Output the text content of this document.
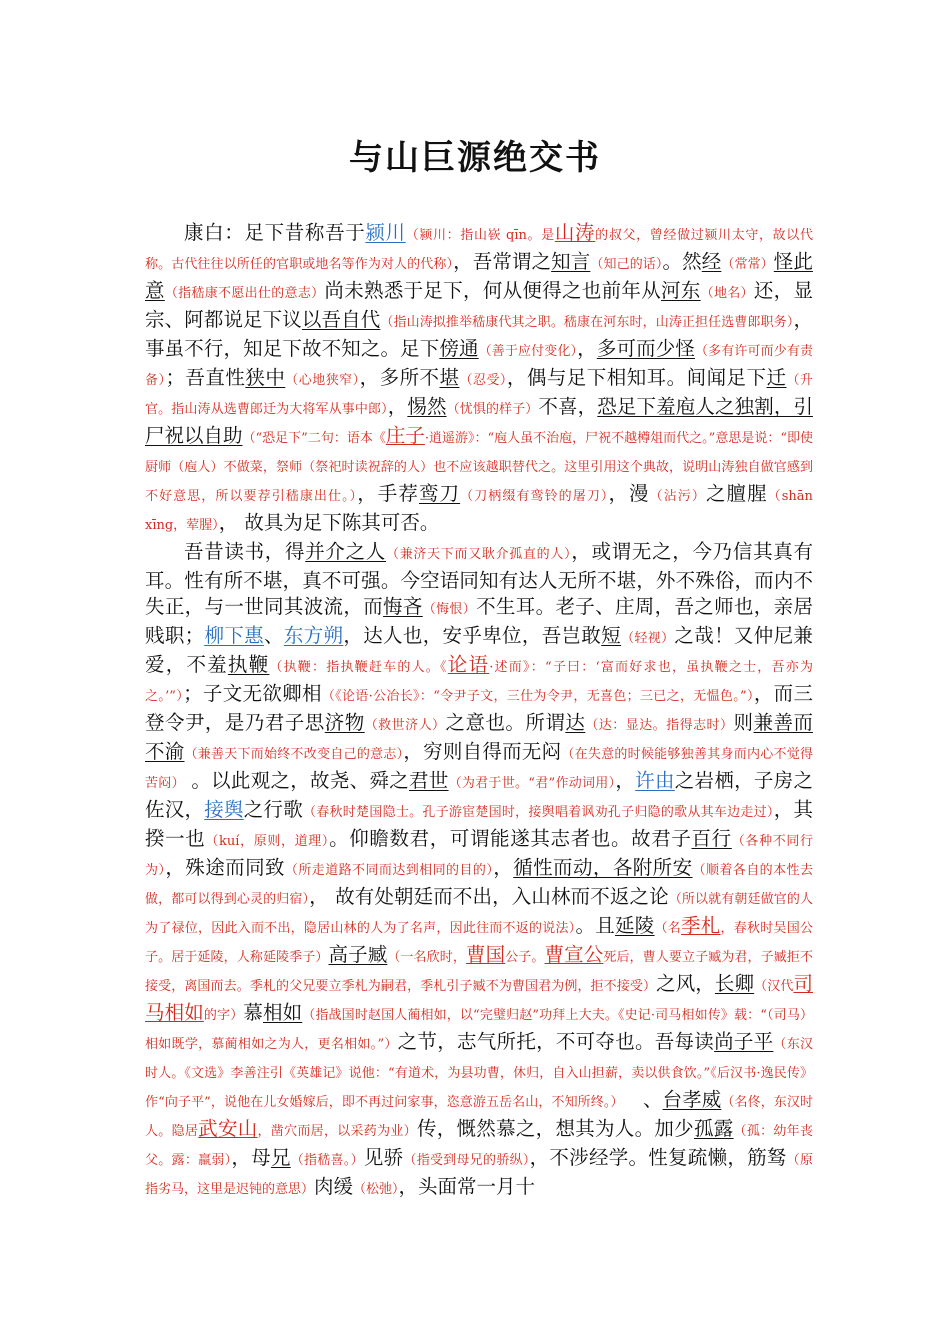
与山巨源绝交书

康白：足下昔称吾于颍川（颍川：指山嵚 qīn。是山涛的叔父，曾经做过颍川太守，故以代称。古代往往以所任的官职或地名等作为对人的代称），吾常谓之知言（知己的话）。然经（常常）怪此意（指嵇康不愿出仕的意志）尚未熟悉于足下，何从便得之也前年从河东（地名）还，显宗、阿都说足下议以吾自代（指山涛拟推举嵇康代其之职。嵇康在河东时，山涛正担任选曹郎职务），事虽不行，知足下故不知之。足下傍通（善于应付变化），多可而少怪（多有许可而少有责备）；吾直性狭中（心地狭窄），多所不堪（忍受），偶与足下相知耳。间闻足下迁（升官。指山涛从选曹郎迁为大将军从事中郎），惕然（忧惧的样子）不喜，恐足下羞庖人之独割，引尸祝以自助（“恐足下”二句：语本《庄子·逍遥游》：“庖人虽不治庖，尸祝不越樽俎而代之。”意思是说：“即使厨师（庖人）不做菜，祭师（祭祀时读祝辞的人）也不应该越职替代之。这里引用这个典故，说明山涛独自做官感到不好意思，所以要荐引嵇康出仕。），手荐鸾刀（刀柄缀有鸾铃的屠刀），漫（沾污）之膻腥（shān xīng，荤腥）， 故具为足下陈其可否。

吾昔读书，得并介之人（兼济天下而又耿介孤直的人），或谓无之，今乃信其真有耳。性有所不堪，真不可强。今空语同知有达人无所不堪，外不殊俗，而内不失正，与一世同其波流，而悔吝（悔恨）不生耳。老子、庄周，吾之师也，亲居贱职；柳下惠、东方朔，达人也，安乎卑位，吾岂敢短（轻视）之哉！又仲尼兼爱，不羞执鞭（执鞭：指执鞭赶车的人。《论语·述而》：“子曰：‘富而好求也，虽执鞭之士，吾亦为之。’”）；子文无欲卿相（《论语·公冶长》：“令尹子文，三仕为令尹，无喜色；三已之，无愠色。”），而三登令尹，是乃君子思济物（救世济人）之意也。所谓达（达：显达。指得志时）则兼善而不渝（兼善天下而始终不改变自己的意志），穷则自得而无闷（在失意的时候能够独善其身而内心不觉得苦闷） 。以此观之，故尧、舜之君世（为君于世。“君”作动词用），许由之岩栖，子房之佐汉，接舆之行歌（春秋时楚国隐士。孔子游宦楚国时，接舆唱着讽劝孔子归隐的歌从其车边走过），其揆一也（kuí，原则，道理）。仰瞻数君，可谓能遂其志者也。故君子百行（各种不同行为），殊途而同致（所走道路不同而达到相同的目的），循性而动，各附所安（顺着各自的本性去做，都可以得到心灵的归宿）， 故有处朝廷而不出，入山林而不返之论（所以就有朝廷做官的人为了禄位，因此入而不出，隐居山林的人为了名声，因此往而不返的说法）。且延陵（名季札，春秋时吴国公子。居于延陵，人称延陵季子）高子臧（一名欣时，曹国公子。曹宣公死后，曹人要立子臧为君，子臧拒不接受，离国而去。季札的父兄要立季札为嗣君，季札引子臧不为曹国君为例，拒不接受）之风，长卿（汉代司马相如的字）慕相如（指战国时赵国人蔺相如，以“完璧归赵”功拜上大夫。《史记·司马相如传》载：“（司马）相如既学，慕蔺相如之为人，更名相如。”）之节，志气所托，不可夺也。吾每读尚子平（东汉时人。《文选》李善注引《英雄记》说他：“有道术，为县功曹，休归，自入山担薪，卖以供食饮。”《后汉书·逸民传》作“向子平”，说他在儿女婚嫁后，即不再过问家事，恣意游五岳名山，不知所终。）　 、台孝威（名佟，东汉时人。隐居武安山，凿穴而居，以采药为业）传，慨然慕之，想其为人。加少孤露（孤：幼年丧父。露：羸弱），母兄（指嵇喜。）见骄（指受到母兄的骄纵），不涉经学。性复疏懒，筋驽（原指劣马，这里是迟钝的意思）肉缓（松弛），头面常一月十
